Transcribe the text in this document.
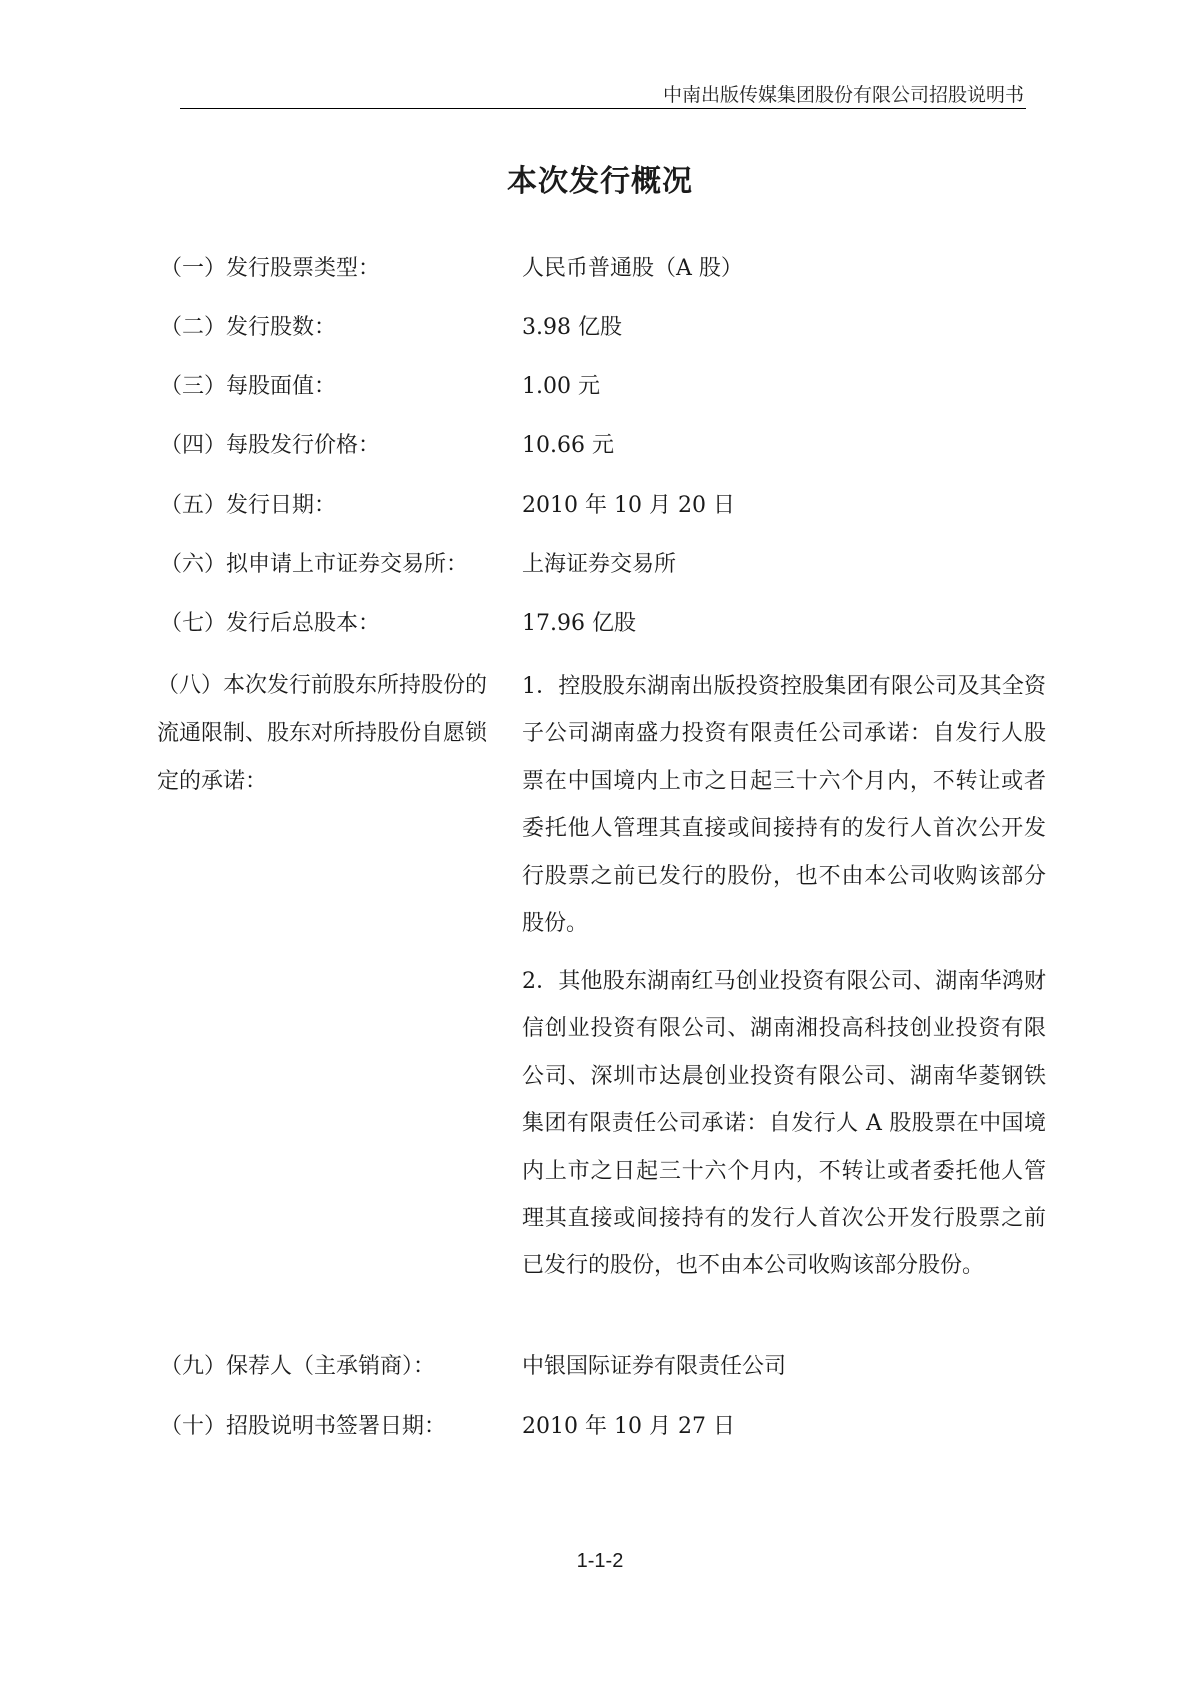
中南出版传媒集团股份有限公司招股说明书
本次发行概况
（一）发行股票类型：	人民币普通股（A 股）
（二）发行股数：	3.98 亿股
（三）每股面值：	1.00 元
（四）每股发行价格：	10.66 元
（五）发行日期：	2010 年 10 月 20 日
（六）拟申请上市证券交易所： 上海证券交易所
（七）发行后总股本：	17.96 亿股
（八）本次发行前股东所持股份的流通限制、股东对所持股份自愿锁定的承诺：
1．控股股东湖南出版投资控股集团有限公司及其全资子公司湖南盛力投资有限责任公司承诺：自发行人股票在中国境内上市之日起三十六个月内，不转让或者委托他人管理其直接或间接持有的发行人首次公开发行股票之前已发行的股份，也不由本公司收购该部分股份。
2．其他股东湖南红马创业投资有限公司、湖南华鸿财信创业投资有限公司、湖南湘投高科技创业投资有限公司、深圳市达晨创业投资有限公司、湖南华菱钢铁集团有限责任公司承诺：自发行人 A 股股票在中国境内上市之日起三十六个月内，不转让或者委托他人管理其直接或间接持有的发行人首次公开发行股票之前已发行的股份，也不由本公司收购该部分股份。
（九）保荐人（主承销商）：	中银国际证券有限责任公司
（十）招股说明书签署日期：	2010 年 10 月 27 日
1-1-2
